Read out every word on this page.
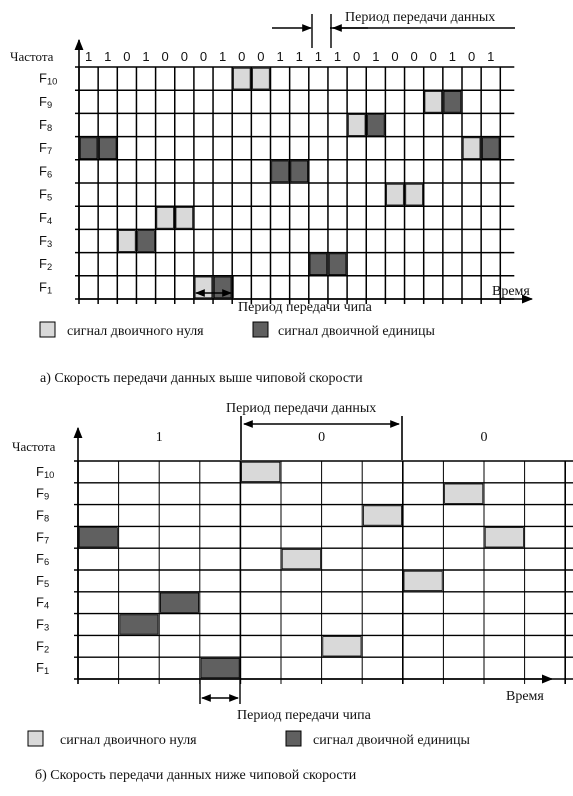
1 1 0 1 0 0 0 1 0 0 1 1 1 1 0 1 0 0 0 1 0 1
F10
F9
F8
F7
F6
F5
F4
F3
F2
F1
Частота
Время
Период передачи данных
Период передачи чипа
сигнал двоичного нуля	сигнал двоичной единицы
а) Скорость передачи данных выше чиповой скорости
1	0	0
F10
F9
F8
F7
F6
F5
F4
F3
F2
F1
Частота
Время
Период передачи данных
Период передачи чипа
сигнал двоичного нуля	сигнал двоичной единицы
б) Скорость передачи данных ниже чиповой скорости
